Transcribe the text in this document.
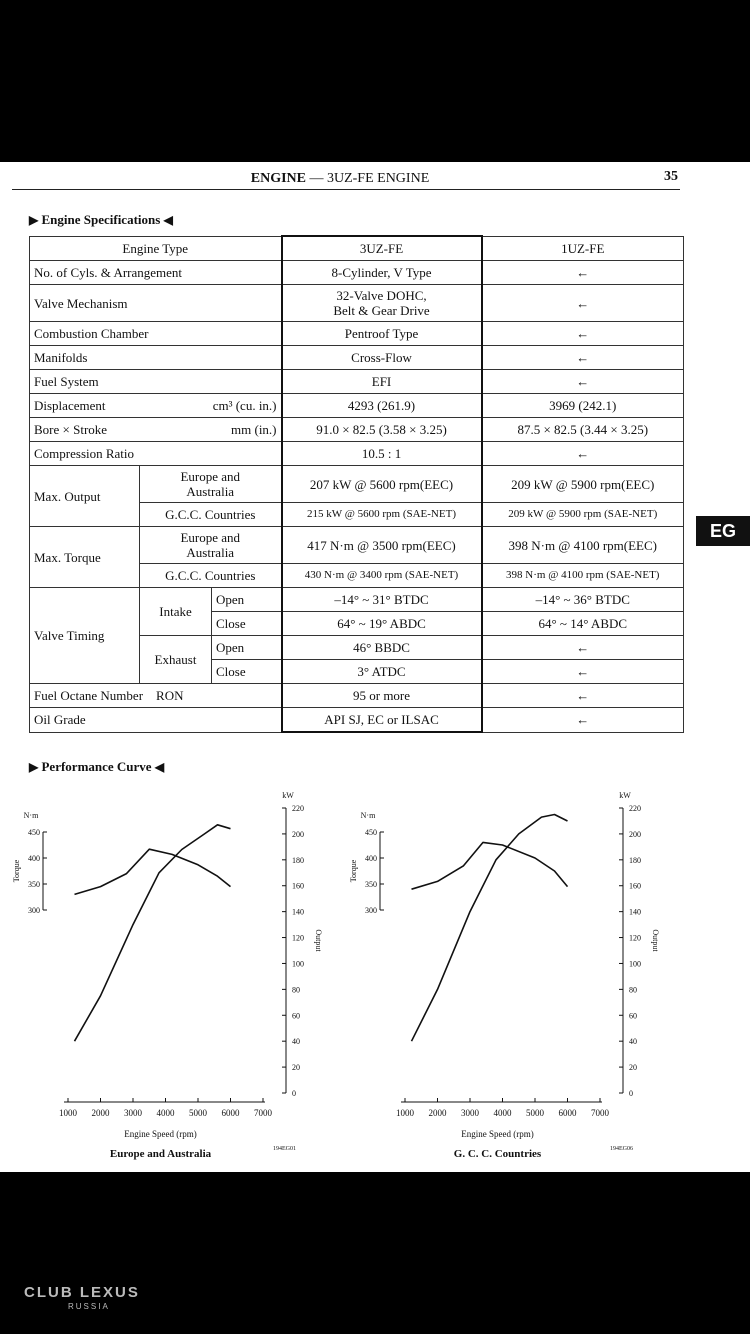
ENGINE — 3UZ-FE ENGINE	35
▶ Engine Specifications ◀
Engine Type			3UZ-FE	1UZ-FE
No. of Cyls. & Arrangement			8-Cylinder, V Type	←
Valve Mechanism			32-Valve DOHC,
Belt & Gear Drive	←
Combustion Chamber			Pentroof Type	←
Manifolds			Cross-Flow	←
Fuel System			EFI	←

Displacement cm³ (cu. in.)			4293 (261.9)	3969 (242.1)

Bore × Stroke mm (in.)			91.0 × 82.5 (3.58 × 3.25)	87.5 × 82.5 (3.44 × 3.25)
Compression Ratio			10.5 : 1	←
Max. Output	Europe and
Australia		207 kW @ 5600 rpm(EEC)	209 kW @ 5900 rpm(EEC)
	G.C.C. Countries		215 kW @ 5600 rpm (SAE-NET)	209 kW @ 5900 rpm (SAE-NET)
Max. Torque	Europe and
Australia		417 N·m @ 3500 rpm(EEC)	398 N·m @ 4100 rpm(EEC)
	G.C.C. Countries		430 N·m @ 3400 rpm (SAE-NET)	398 N·m @ 4100 rpm (SAE-NET)
Valve Timing	Intake	Open	–14° ~ 31° BTDC	–14° ~ 36° BTDC
		Close	64° ~ 19° ABDC	64° ~ 14° ABDC
	Exhaust	Open	46° BBDC	←
		Close	3° ATDC	←
Fuel Octane Number RON			95 or more	←
Oil Grade			API SJ, EC or ILSAC	←
▶ Performance Curve ◀
1000 2000 3000 4000 5000 6000 7000
Engine Speed (rpm)
Europe and Australia	194EG01
300
350
400
450
N·m
Torque
0
20
40
60
80
100
120
140
160
180
200
220
kW
Output
1000 2000 3000 4000 5000 6000 7000
Engine Speed (rpm)
G. C. C. Countries	194EG06
300
350
400
450
N·m
Torque
0
20
40
60
80
100
120
140
160
180
200
220
kW
Output
EG
CLUB LEXUS
RUSSIA
